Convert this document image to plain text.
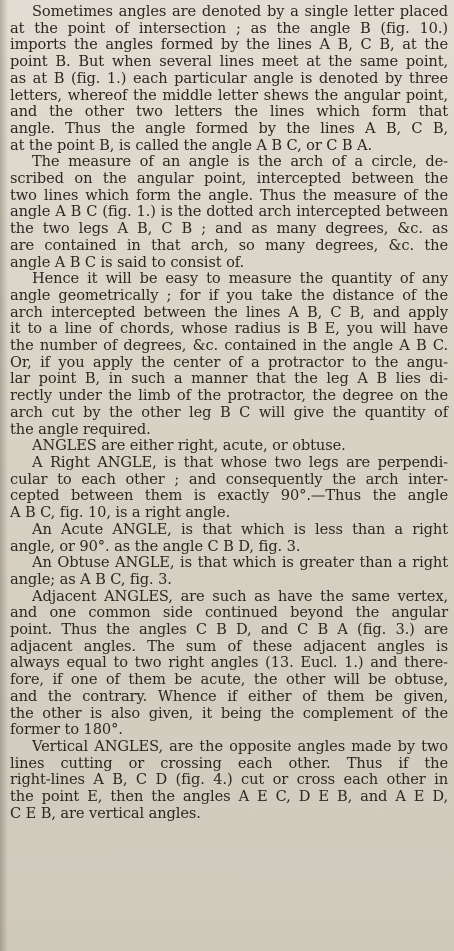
Sometimes angles are denoted by a single letter placed
at the point of intersection ; as the angle B (fig. 10.)
imports the angles formed by the lines A B, C B, at the
point B. But when several lines meet at the same point,
as at B (fig. 1.) each particular angle is denoted by three
letters, whereof the middle letter shews the angular point,
and the other two letters the lines which form that
angle. Thus the angle formed by the lines A B, C B,
at the point B, is called the angle A B C, or C B A.
The measure of an angle is the arch of a circle, de-
scribed on the angular point, intercepted between the
two lines which form the angle. Thus the measure of the
angle A B C (fig. 1.) is the dotted arch intercepted between
the two legs A B, C B ; and as many degrees, &c. as
are contained in that arch, so many degrees, &c. the
angle A B C is said to consist of.
Hence it will be easy to measure the quantity of any
angle geometrically ; for if you take the distance of the
arch intercepted between the lines A B, C B, and apply
it to a line of chords, whose radius is B E, you will have
the number of degrees, &c. contained in the angle A B C.
Or, if you apply the center of a protractor to the angu-
lar point B, in such a manner that the leg A B lies di-
rectly under the limb of the protractor, the degree on the
arch cut by the other leg B C will give the quantity of
the angle required.
ANGLES are either right, acute, or obtuse.
A Right ANGLE, is that whose two legs are perpendi-
cular to each other ; and consequently the arch inter-
cepted between them is exactly 90°.—Thus the angle
A B C, fig. 10, is a right angle.
An Acute ANGLE, is that which is less than a right
angle, or 90°. as the angle C B D, fig. 3.
An Obtuse ANGLE, is that which is greater than a right
angle; as A B C, fig. 3.
Adjacent ANGLES, are such as have the same vertex,
and one common side continued beyond the angular
point. Thus the angles C B D, and C B A (fig. 3.) are
adjacent angles. The sum of these adjacent angles is
always equal to two right angles (13. Eucl. 1.) and there-
fore, if one of them be acute, the other will be obtuse,
and the contrary. Whence if either of them be given,
the other is also given, it being the complement of the
former to 180°.
Vertical ANGLES, are the opposite angles made by two
lines cutting or crossing each other. Thus if the
right-lines A B, C D (fig. 4.) cut or cross each other in
the point E, then the angles A E C, D E B, and A E D,
C E B, are vertical angles.
